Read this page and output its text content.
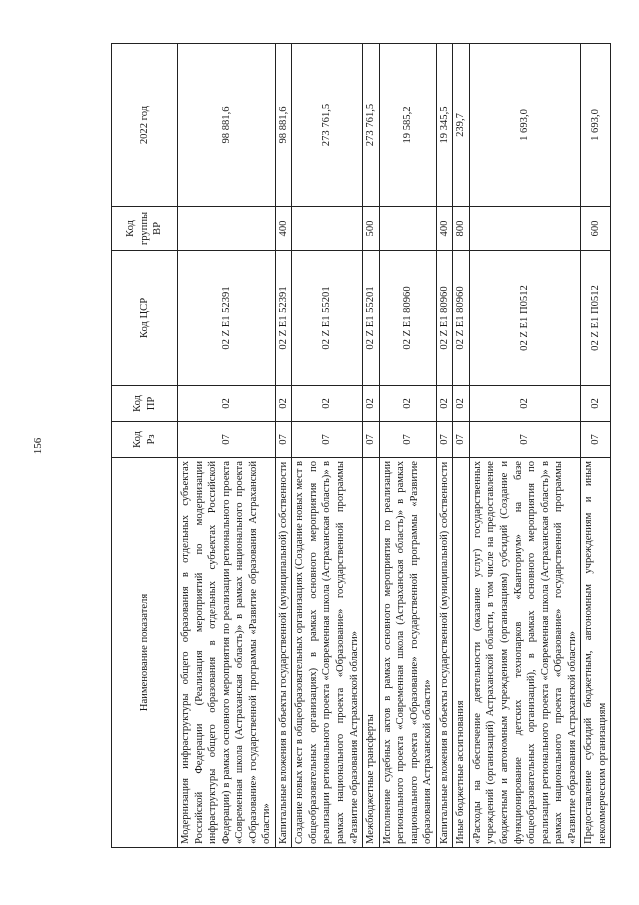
156
Наименование показателя	Код Рз	Код ПР	Код ЦСР	Код группы ВР	2022 год
Модернизация инфраструктуры общего образования в отдельных субъектах Российской Федерации (Реализация мероприятий по модернизации инфраструктуры общего образования в отдельных субъектах Российской Федерации) в рамках основного мероприятия по реализации регионального проекта «Современная школа (Астраханская область)» в рамках национального проекта «Образование» государственной программы «Развитие образования Астраханской области»	07	02	02 Z E1 52391		98 881,6
Капитальные вложения в объекты государственной (муниципальной) собственности	07	02	02 Z E1 52391	400	98 881,6
Создание новых мест в общеобразовательных организациях (Создание новых мест в общеобразовательных организациях) в рамках основного мероприятия по реализации регионального проекта «Современная школа (Астраханская область)» в рамках национального проекта «Образование» государственной программы «Развитие образования Астраханской области»	07	02	02 Z E1 55201		273 761,5
Межбюджетные трансферты	07	02	02 Z E1 55201	500	273 761,5
Исполнение судебных актов в рамках основного мероприятия по реализации регионального проекта «Современная школа (Астраханская область)» в рамках национального проекта «Образование» государственной программы «Развитие образования Астраханской области»	07	02	02 Z E1 80960		19 585,2
Капитальные вложения в объекты государственной (муниципальной) собственности	07	02	02 Z E1 80960	400	19 345,5
Иные бюджетные ассигнования	07	02	02 Z E1 80960	800	239,7
«Расходы на обеспечение деятельности (оказание услуг) государственных учреждений (организаций) Астраханской области, в том числе на предоставление бюджетным и автономным учреждениям (организациям) субсидий (Создание и функционирование детских технопарков «Кванториум» на базе общеобразовательных организаций), в рамках основного мероприятия по реализации регионального проекта «Современная школа (Астраханская область)» в рамках национального проекта «Образование» государственной программы «Развитие образования Астраханской области»	07	02	02 Z E1 П0512		1 693,0
Предоставление субсидий бюджетным, автономным учреждениям и иным некоммерческим организациям	07	02	02 Z E1 П0512	600	1 693,0
